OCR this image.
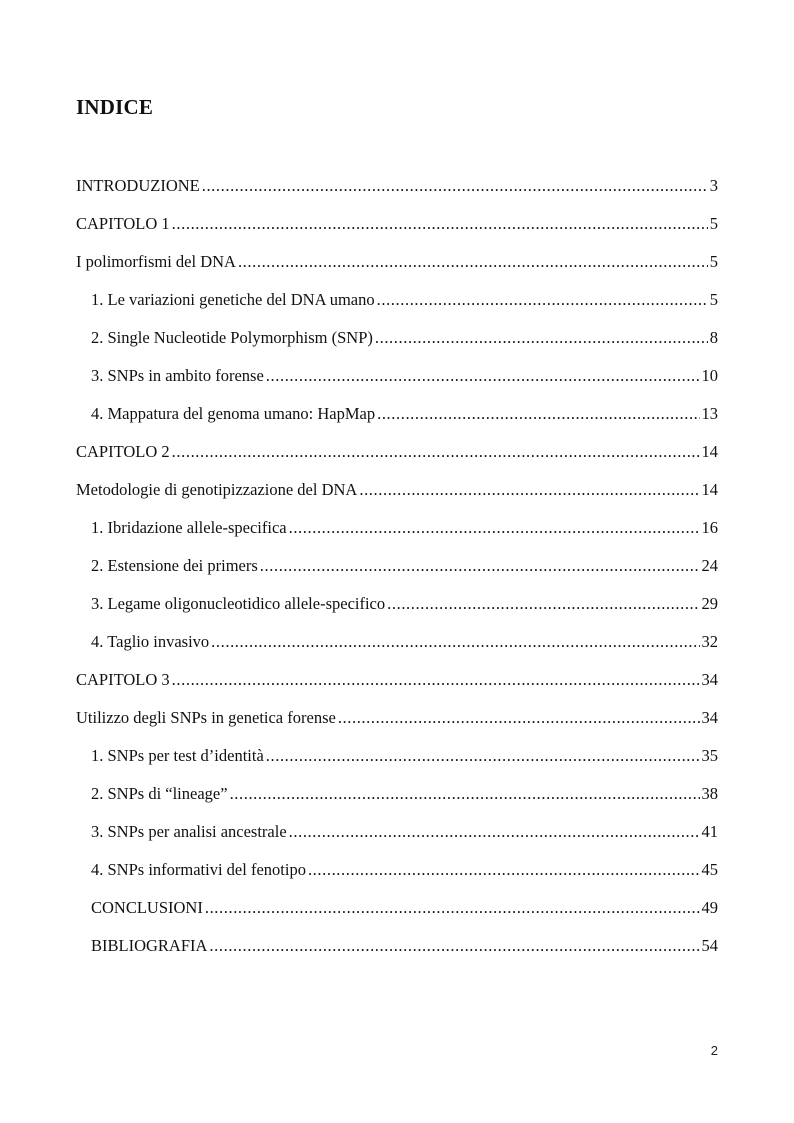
INDICE
INTRODUZIONE .....	3
CAPITOLO 1 .....	5
I polimorfismi del DNA .....	5
1. Le variazioni genetiche del DNA umano .....	5
2. Single Nucleotide Polymorphism (SNP) .....	8
3. SNPs in ambito forense .....	10
4. Mappatura del genoma umano: HapMap .....	13
CAPITOLO 2 .....	14
Metodologie di genotipizzazione del DNA .....	14
1. Ibridazione allele-specifica .....	16
2. Estensione dei primers .....	24
3. Legame oligonucleotidico allele-specifico .....	29
4. Taglio invasivo .....	32
CAPITOLO 3 .....	34
Utilizzo degli SNPs in genetica forense .....	34
1. SNPs per test d’identità .....	35
2. SNPs di “lineage” .....	38
3. SNPs per analisi ancestrale .....	41
4. SNPs informativi del fenotipo .....	45
CONCLUSIONI .....	49
BIBLIOGRAFIA .....	54
2
